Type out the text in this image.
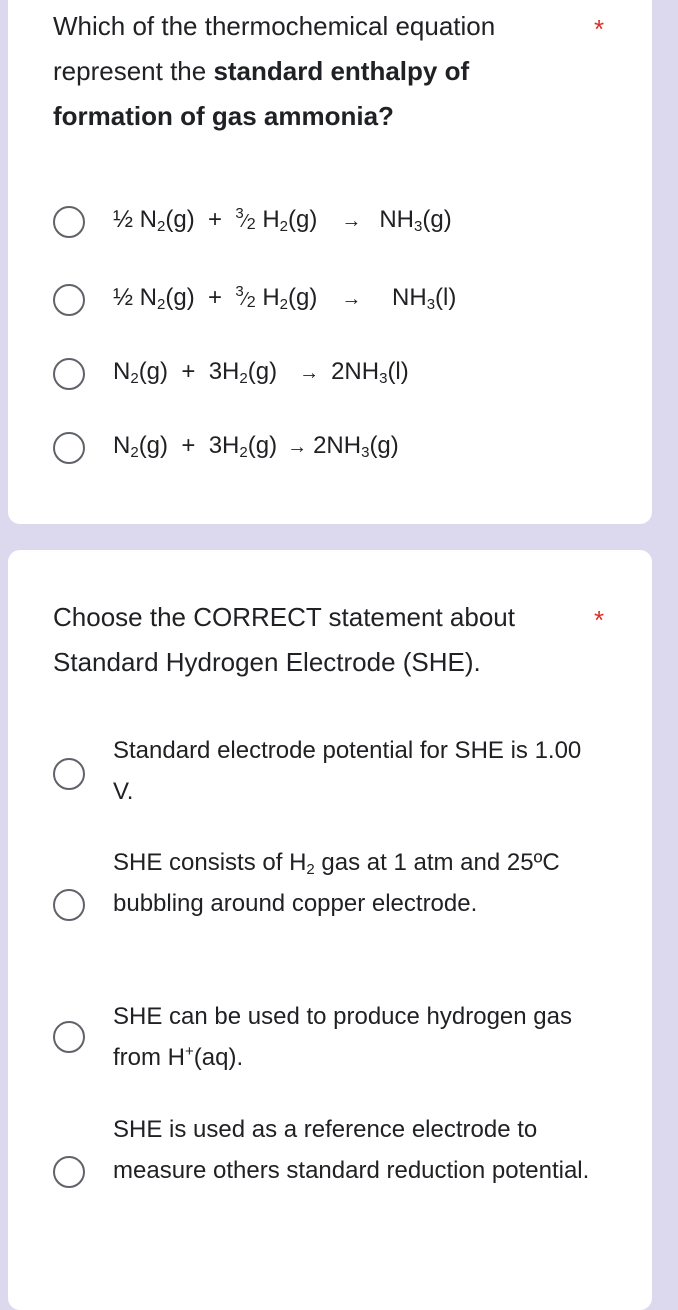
Which of the thermochemical equation represent the standard enthalpy of formation of gas ammonia?
*
½ $N_2(g)$  +  $^3$⁄2 $H_2(g) \to NH_3(g)$
½ $N_2(g)$  +  $^3$⁄2 $H_2(g) \to NH_3(l)$
$N_2(g) + 3H_2(g) \to 2NH_3(l)$
$N_2(g) + 3H_2(g) \to 2NH_3(g)$
Choose the CORRECT statement about Standard Hydrogen Electrode (SHE).
*
Standard electrode potential for SHE is 1.00 V.
SHE consists of $H_2$ gas at 1 atm and 25ºC bubbling around copper electrode.
SHE can be used to produce hydrogen gas from H+(aq).
SHE is used as a reference electrode to measure others standard reduction potential.
